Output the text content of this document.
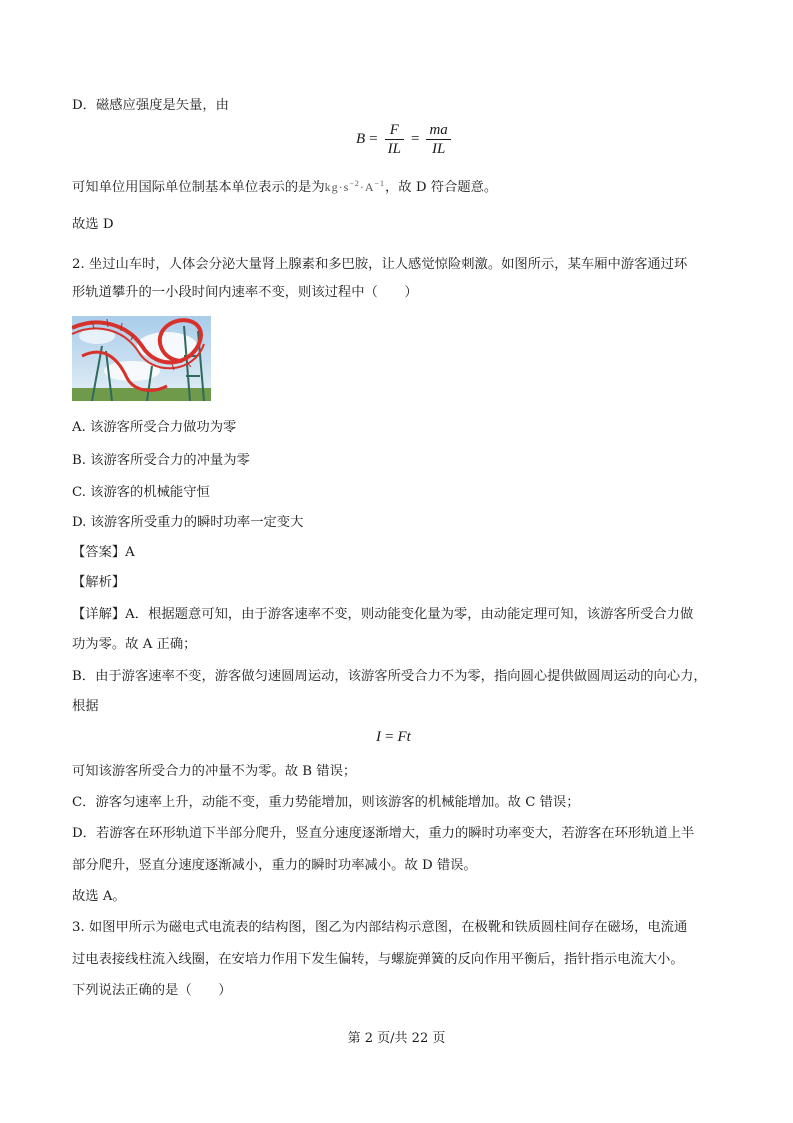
D．磁感应强度是矢量，由
$B = \frac{F}{IL} = \frac{ma}{IL}$
可知单位用国际单位制基本单位表示的是为$kg\cdot s^{-2}\cdot A^{-1}$，故 D 符合题意。
故选 D
2. 坐过山车时，人体会分泌大量肾上腺素和多巴胺，让人感觉惊险刺激。如图所示，某车厢中游客通过环
形轨道攀升的一小段时间内速率不变，则该过程中（　　）
A. 该游客所受合力做功为零
B. 该游客所受合力的冲量为零
C. 该游客的机械能守恒
D. 该游客所受重力的瞬时功率一定变大
【答案】A
【解析】
【详解】A．根据题意可知，由于游客速率不变，则动能变化量为零，由动能定理可知，该游客所受合力做
功为零。故 A 正确；
B．由于游客速率不变，游客做匀速圆周运动，该游客所受合力不为零，指向圆心提供做圆周运动的向心力，
根据
I = Ft
可知该游客所受合力的冲量不为零。故 B 错误；
C．游客匀速率上升，动能不变，重力势能增加，则该游客的机械能增加。故 C 错误；
D．若游客在环形轨道下半部分爬升，竖直分速度逐渐增大，重力的瞬时功率变大，若游客在环形轨道上半
部分爬升，竖直分速度逐渐减小，重力的瞬时功率减小。故 D 错误。
故选 A。
3. 如图甲所示为磁电式电流表的结构图，图乙为内部结构示意图，在极靴和铁质圆柱间存在磁场，电流通
过电表接线柱流入线圈，在安培力作用下发生偏转，与螺旋弹簧的反向作用平衡后，指针指示电流大小。
下列说法正确的是（　　）
第 2 页/共 22 页
